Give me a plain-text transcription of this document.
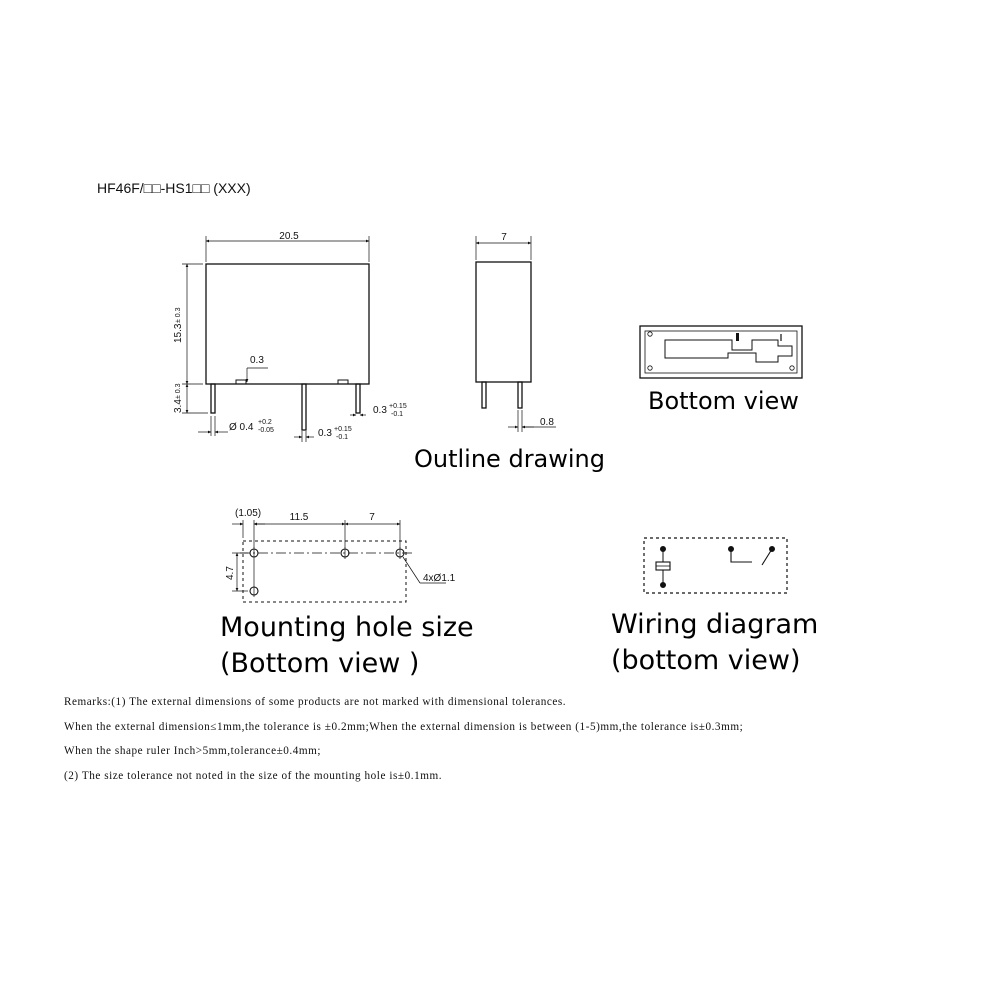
HF46F/□□-HS1□□ (XXX)
20.5
15.3
± 0.3
3.4
± 0.3
0.3
Ø 0.4 +0.2
-0.05
0.3 +0.15
-0.1
0.3 +0.15
-0.1
7
0.8
Outline drawing
Bottom view
(1.05)	11.5	7
4.7	4xØ1.1
Mounting hole size
(Bottom view )
Wiring diagram
(bottom view)

Remarks:(1) The external dimensions of some products are not marked with dimensional tolerances.

When the external dimension≤1mm,the tolerance is ±0.2mm;When the external dimension is between (1-5)mm,the tolerance is±0.3mm;

When the shape ruler Inch>5mm,tolerance±0.4mm;

(2) The size tolerance not noted in the size of the mounting hole is±0.1mm.
